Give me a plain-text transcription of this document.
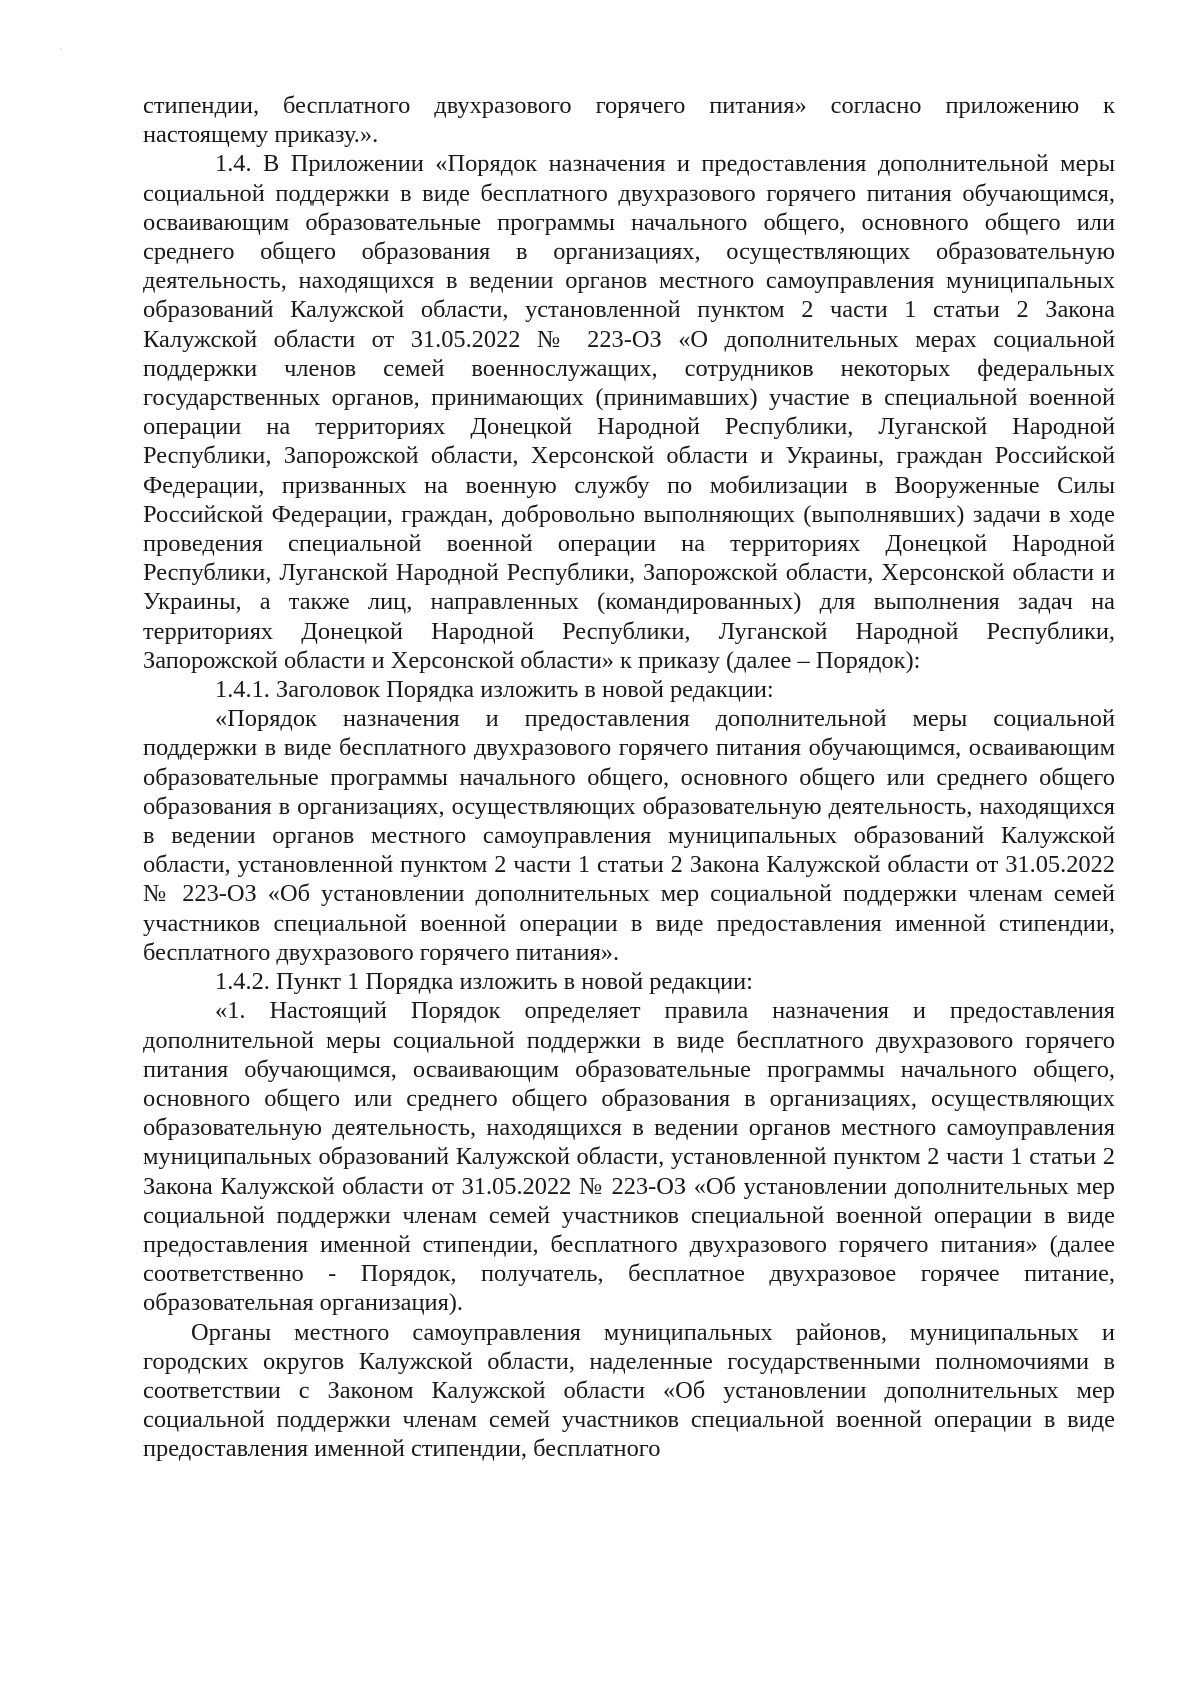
стипендии, бесплатного двухразового горячего питания» согласно приложению к настоящему приказу.».

1.4. В Приложении «Порядок назначения и предоставления дополнительной меры социальной поддержки в виде бесплатного двухразового горячего питания обучающимся, осваивающим образовательные программы начального общего, основного общего или среднего общего образования в организациях, осуществляющих образовательную деятельность, находящихся в ведении органов местного самоуправления муниципальных образований Калужской области, установленной пунктом 2 части 1 статьи 2 Закона Калужской области от 31.05.2022 № 223-ОЗ «О дополнительных мерах социальной поддержки членов семей военнослужащих, сотрудников некоторых федеральных государственных органов, принимающих (принимавших) участие в специальной военной операции на территориях Донецкой Народной Республики, Луганской Народной Республики, Запорожской области, Херсонской области и Украины, граждан Российской Федерации, призванных на военную службу по мобилизации в Вооруженные Силы Российской Федерации, граждан, добровольно выполняющих (выполнявших) задачи в ходе проведения специальной военной операции на территориях Донецкой Народной Республики, Луганской Народной Республики, Запорожской области, Херсонской области и Украины, а также лиц, направленных (командированных) для выполнения задач на территориях Донецкой Народной Республики, Луганской Народной Республики, Запорожской области и Херсонской области» к приказу (далее – Порядок):

1.4.1. Заголовок Порядка изложить в новой редакции:

«Порядок назначения и предоставления дополнительной меры социальной поддержки в виде бесплатного двухразового горячего питания обучающимся, осваивающим образовательные программы начального общего, основного общего или среднего общего образования в организациях, осуществляющих образовательную деятельность, находящихся в ведении органов местного самоуправления муниципальных образований Калужской области, установленной пунктом 2 части 1 статьи 2 Закона Калужской области от 31.05.2022 № 223-ОЗ «Об установлении дополнительных мер социальной поддержки членам семей участников специальной военной операции в виде предоставления именной стипендии, бесплатного двухразового горячего питания».

1.4.2. Пункт 1 Порядка изложить в новой редакции:

«1. Настоящий Порядок определяет правила назначения и предоставления дополнительной меры социальной поддержки в виде бесплатного двухразового горячего питания обучающимся, осваивающим образовательные программы начального общего, основного общего или среднего общего образования в организациях, осуществляющих образовательную деятельность, находящихся в ведении органов местного самоуправления муниципальных образований Калужской области, установленной пунктом 2 части 1 статьи 2 Закона Калужской области от 31.05.2022 № 223-ОЗ «Об установлении дополнительных мер социальной поддержки членам семей участников специальной военной операции в виде предоставления именной стипендии, бесплатного двухразового горячего питания» (далее соответственно - Порядок, получатель, бесплатное двухразовое горячее питание, образовательная организация).

Органы местного самоуправления муниципальных районов, муниципальных и городских округов Калужской области, наделенные государственными полномочиями в соответствии с Законом Калужской области «Об установлении дополнительных мер социальной поддержки членам семей участников специальной военной операции в виде предоставления именной стипендии, бесплатного
